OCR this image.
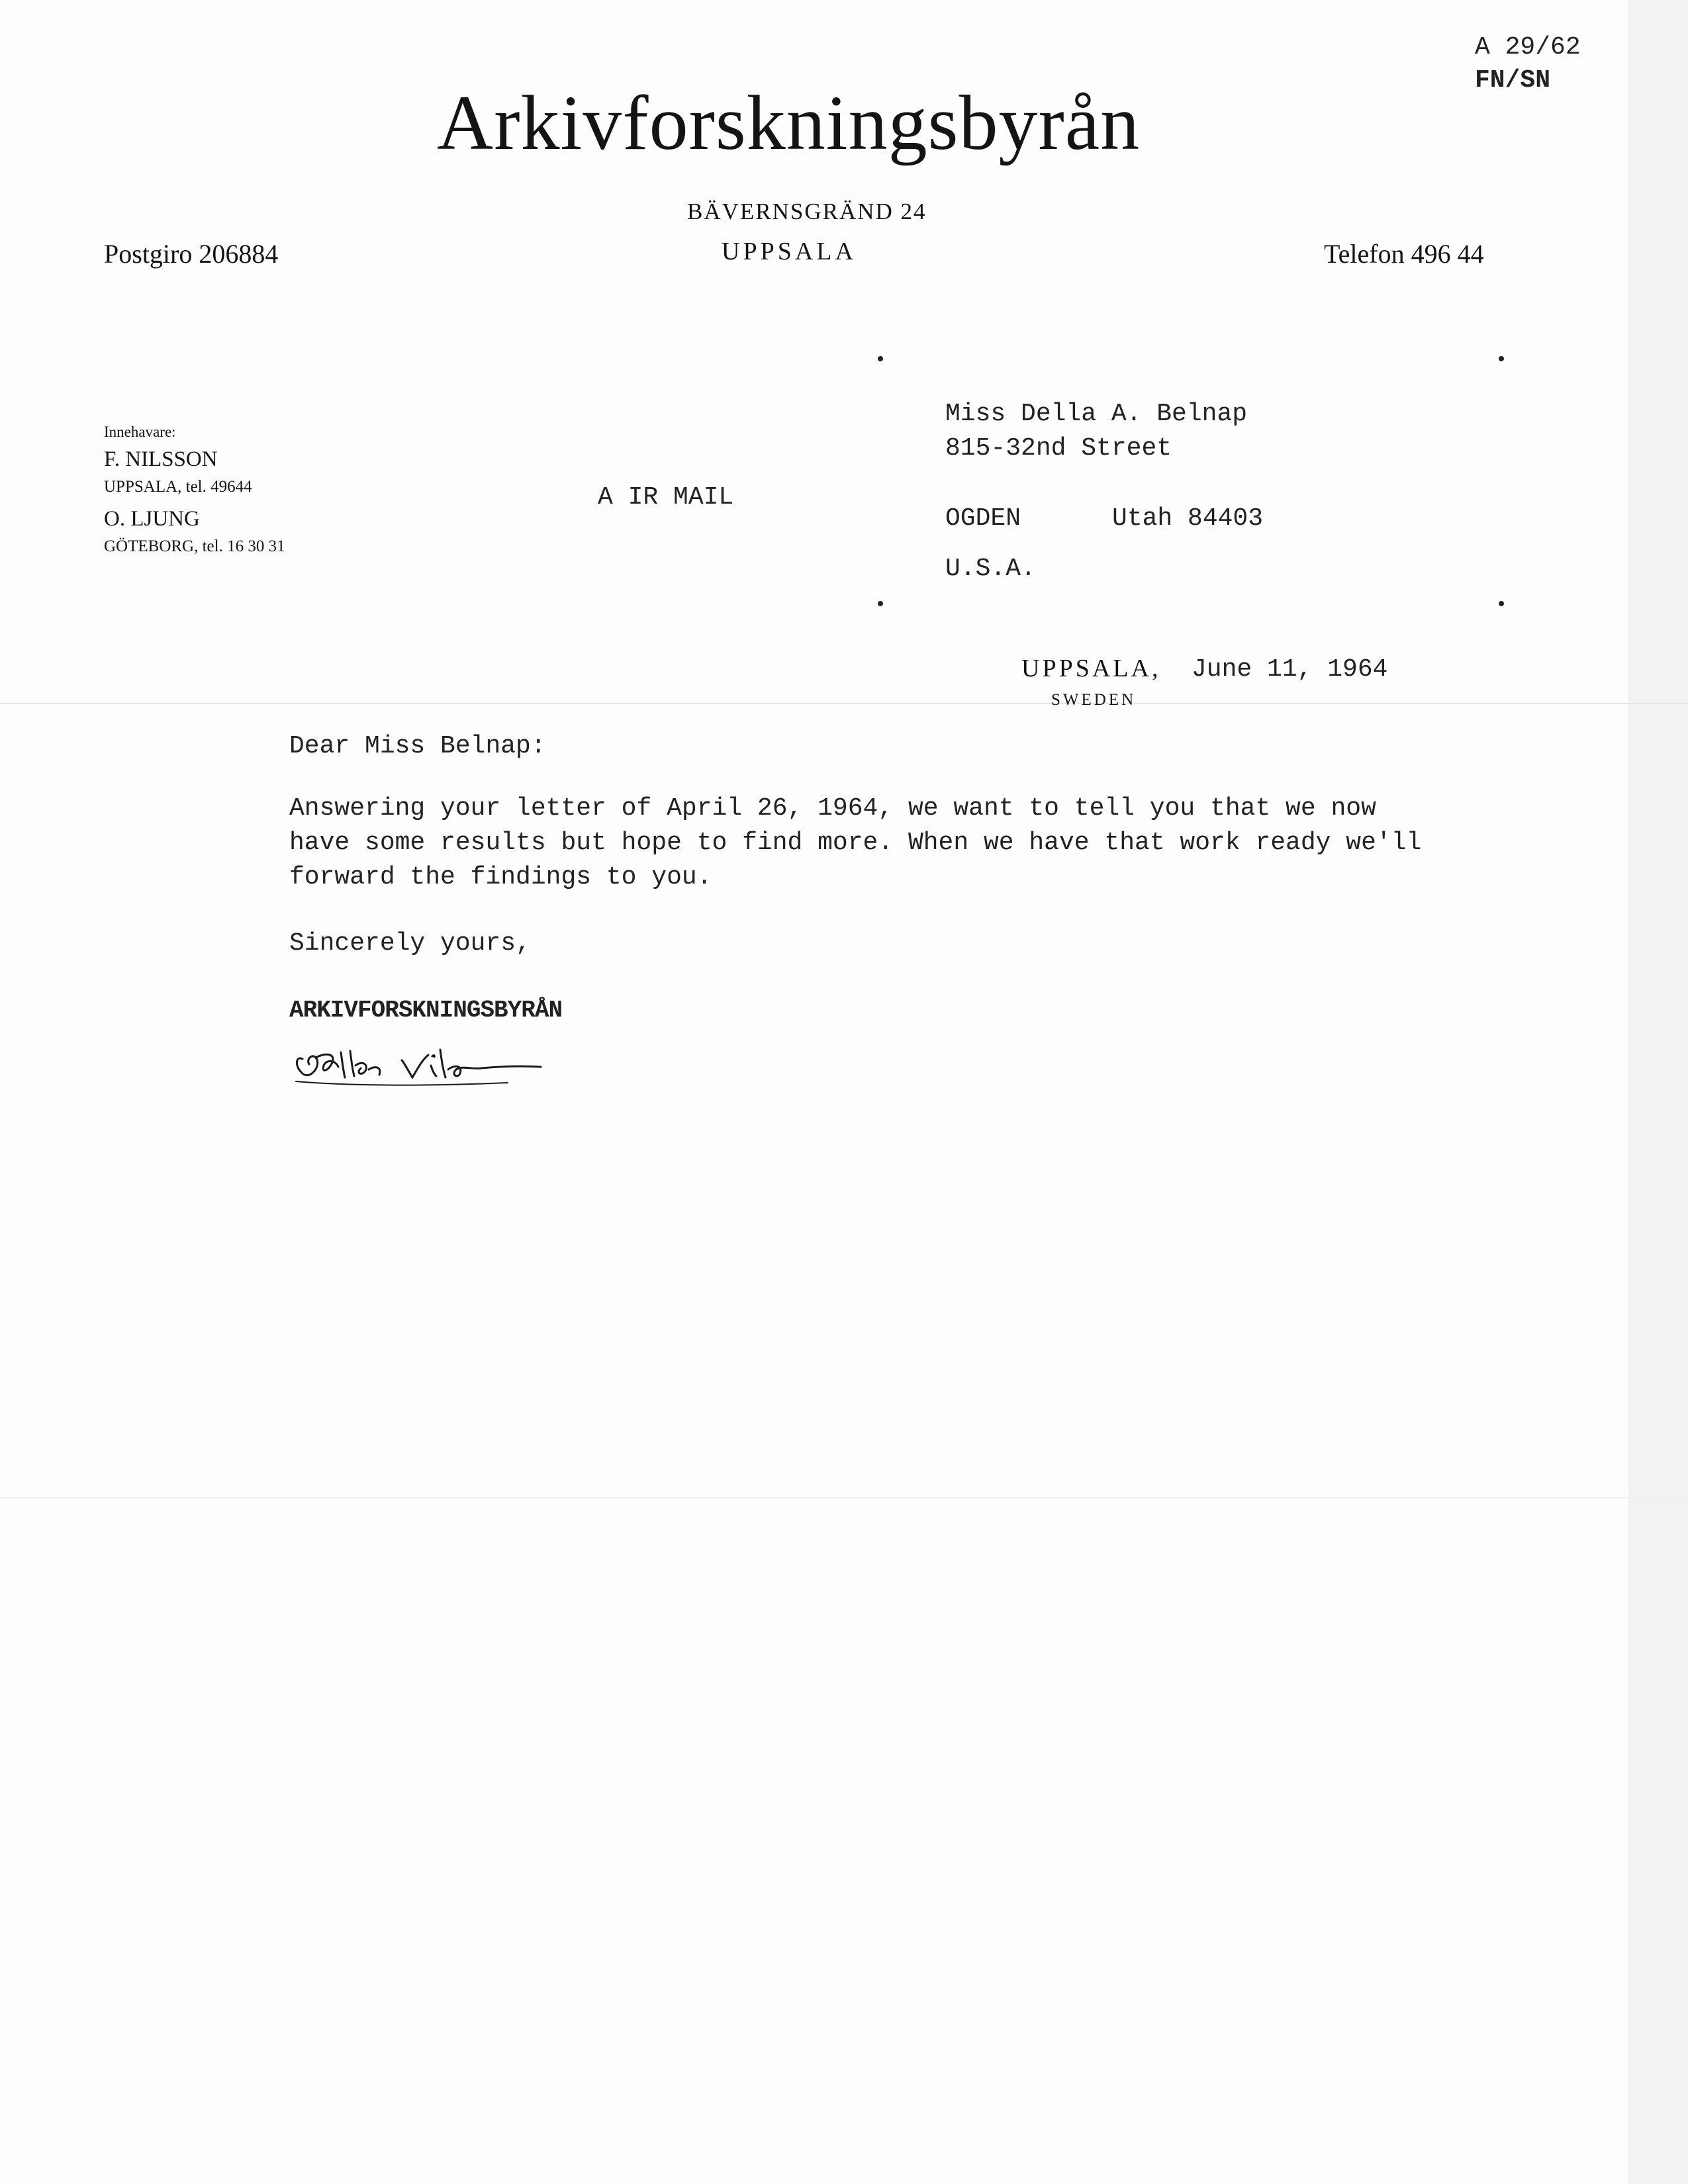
Arkivforskningsbyrån
BÄVERNSGRÄND 24
UPPSALA
Postgiro 206884	Telefon 496 44
A 29/62
FN/SN
Innehavare:
F. NILSSON
UPPSALA, tel. 49644
O. LJUNG
GÖTEBORG, tel. 16 30 31
A IR MAIL
Miss Della A. Belnap
815-32nd Street
OGDEN	Utah 84403
U.S.A.
UPPSALA, June 11, 1964
SWEDEN
Dear Miss Belnap:
Answering your letter of April 26, 1964, we want to tell you that we now
have some results but hope to find more. When we have that work ready we'll
forward the findings to you.
Sincerely yours,
ARKIVFORSKNINGSBYRÅN
